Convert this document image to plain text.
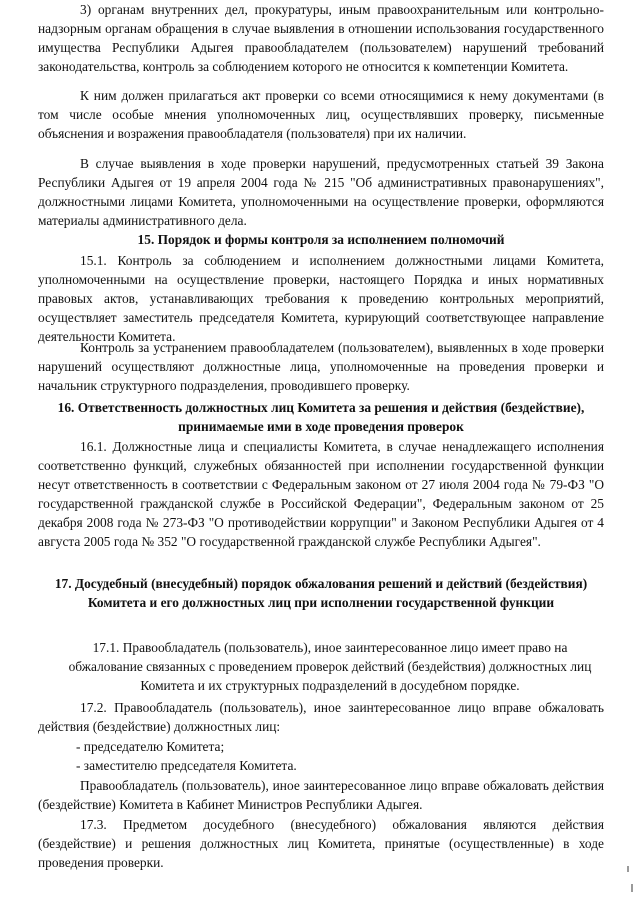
3) органам внутренних дел, прокуратуры, иным правоохранительным или контрольно-надзорным органам обращения в случае выявления в отношении использования государственного имущества Республики Адыгея правообладателем (пользователем) нарушений требований законодательства, контроль за соблюдением которого не относится к компетенции Комитета.

К ним должен прилагаться акт проверки со всеми относящимися к нему документами (в том числе особые мнения уполномоченных лиц, осуществлявших проверку, письменные объяснения и возражения правообладателя (пользователя) при их наличии.

В случае выявления в ходе проверки нарушений, предусмотренных статьей 39 Закона Республики Адыгея от 19 апреля 2004 года № 215 "Об административных правонарушениях", должностными лицами Комитета, уполномоченными на осуществление проверки, оформляются материалы административного дела.

15. Порядок и формы контроля за исполнением полномочий

15.1. Контроль за соблюдением и исполнением должностными лицами Комитета, уполномоченными на осуществление проверки, настоящего Порядка и иных нормативных правовых актов, устанавливающих требования к проведению контрольных мероприятий, осуществляет заместитель председателя Комитета, курирующий соответствующее направление деятельности Комитета.

Контроль за устранением правообладателем (пользователем), выявленных в ходе проверки нарушений осуществляют должностные лица, уполномоченные на проведения проверки и начальник структурного подразделения, проводившего проверку.

16. Ответственность должностных лиц Комитета за решения и действия (бездействие), принимаемые ими в ходе проведения проверок

16.1. Должностные лица и специалисты Комитета, в случае ненадлежащего исполнения соответственно функций, служебных обязанностей при исполнении государственной функции несут ответственность в соответствии с Федеральным законом от 27 июля 2004 года № 79-ФЗ "О государственной гражданской службе в Российской Федерации", Федеральным законом от 25 декабря 2008 года № 273-ФЗ "О противодействии коррупции" и Законом Республики Адыгея от 4 августа 2005 года № 352 "О государственной гражданской службе Республики Адыгея".

17. Досудебный (внесудебный) порядок обжалования решений и действий (бездействия) Комитета и его должностных лиц при исполнении государственной функции

17.1. Правообладатель (пользователь), иное заинтересованное лицо имеет право на обжалование связанных с проведением проверок действий (бездействия) должностных лиц Комитета и их структурных подразделений в досудебном порядке.

17.2. Правообладатель (пользователь), иное заинтересованное лицо вправе обжаловать действия (бездействие) должностных лиц:

- председателю Комитета;

- заместителю председателя Комитета.

Правообладатель (пользователь), иное заинтересованное лицо вправе обжаловать действия (бездействие) Комитета в Кабинет Министров Республики Адыгея.

17.3. Предметом досудебного (внесудебного) обжалования являются действия (бездействие) и решения должностных лиц Комитета, принятые (осуществленные) в ходе проведения проверки.
